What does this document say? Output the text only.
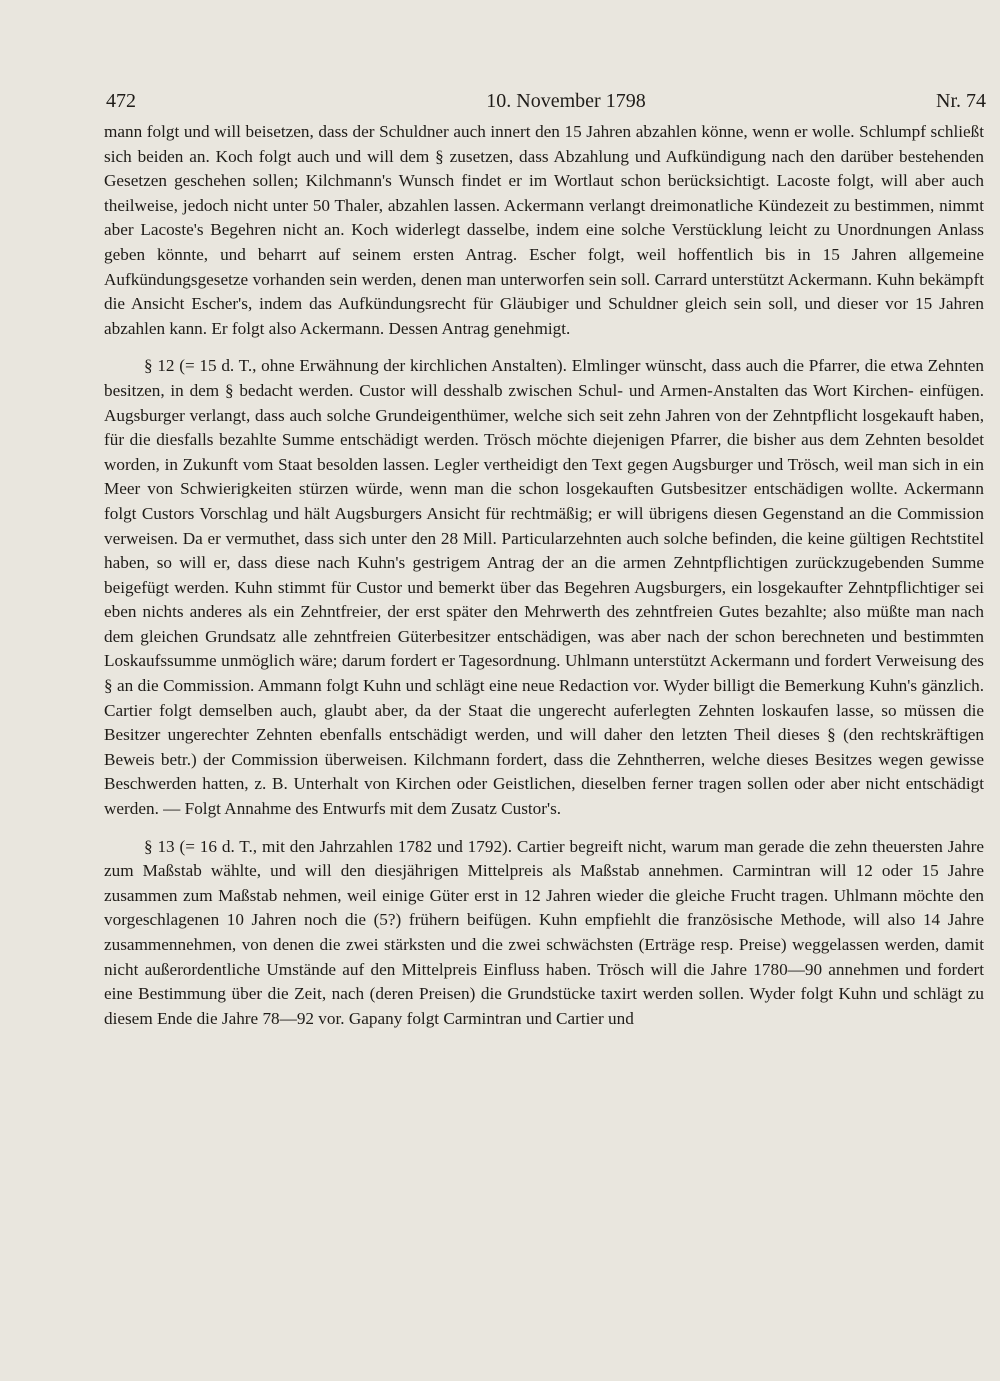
472	10. November 1798	Nr. 74

mann folgt und will beisetzen, dass der Schuldner auch innert den 15 Jahren abzahlen könne, wenn er wolle. Schlumpf schließt sich beiden an. Koch folgt auch und will dem § zusetzen, dass Abzahlung und Aufkündigung nach den darüber bestehenden Gesetzen geschehen sollen; Kilchmann's Wunsch findet er im Wortlaut schon berücksichtigt. Lacoste folgt, will aber auch theilweise, jedoch nicht unter 50 Thaler, abzahlen lassen. Ackermann verlangt dreimonatliche Kündezeit zu bestimmen, nimmt aber Lacoste's Begehren nicht an. Koch widerlegt dasselbe, indem eine solche Verstücklung leicht zu Unordnungen Anlass geben könnte, und beharrt auf seinem ersten Antrag. Escher folgt, weil hoffentlich bis in 15 Jahren allgemeine Aufkündungsgesetze vorhanden sein werden, denen man unterworfen sein soll. Carrard unterstützt Ackermann. Kuhn bekämpft die Ansicht Escher's, indem das Aufkündungsrecht für Gläubiger und Schuldner gleich sein soll, und dieser vor 15 Jahren abzahlen kann. Er folgt also Ackermann. Dessen Antrag genehmigt.

§ 12 (= 15 d. T., ohne Erwähnung der kirchlichen Anstalten). Elmlinger wünscht, dass auch die Pfarrer, die etwa Zehnten besitzen, in dem § bedacht werden. Custor will desshalb zwischen Schul- und Armen-Anstalten das Wort Kirchen- einfügen. Augsburger verlangt, dass auch solche Grundeigenthümer, welche sich seit zehn Jahren von der Zehntpflicht losgekauft haben, für die diesfalls bezahlte Summe entschädigt werden. Trösch möchte diejenigen Pfarrer, die bisher aus dem Zehnten besoldet worden, in Zukunft vom Staat besolden lassen. Legler vertheidigt den Text gegen Augsburger und Trösch, weil man sich in ein Meer von Schwierigkeiten stürzen würde, wenn man die schon losgekauften Gutsbesitzer entschädigen wollte. Ackermann folgt Custors Vorschlag und hält Augsburgers Ansicht für rechtmäßig; er will übrigens diesen Gegenstand an die Commission verweisen. Da er vermuthet, dass sich unter den 28 Mill. Particularzehnten auch solche befinden, die keine gültigen Rechtstitel haben, so will er, dass diese nach Kuhn's gestrigem Antrag der an die armen Zehntpflichtigen zurückzugebenden Summe beigefügt werden. Kuhn stimmt für Custor und bemerkt über das Begehren Augsburgers, ein losgekaufter Zehntpflichtiger sei eben nichts anderes als ein Zehntfreier, der erst später den Mehrwerth des zehntfreien Gutes bezahlte; also müßte man nach dem gleichen Grundsatz alle zehntfreien Güterbesitzer entschädigen, was aber nach der schon berechneten und bestimmten Loskaufssumme unmöglich wäre; darum fordert er Tagesordnung. Uhlmann unterstützt Ackermann und fordert Verweisung des § an die Commission. Ammann folgt Kuhn und schlägt eine neue Redaction vor. Wyder billigt die Bemerkung Kuhn's gänzlich. Cartier folgt demselben auch, glaubt aber, da der Staat die ungerecht auferlegten Zehnten loskaufen lasse, so müssen die Besitzer ungerechter Zehnten ebenfalls entschädigt werden, und will daher den letzten Theil dieses § (den rechtskräftigen Beweis betr.) der Commission überweisen. Kilchmann fordert, dass die Zehntherren, welche dieses Besitzes wegen gewisse Beschwerden hatten, z. B. Unterhalt von Kirchen oder Geistlichen, dieselben ferner tragen sollen oder aber nicht entschädigt werden. — Folgt Annahme des Entwurfs mit dem Zusatz Custor's.

§ 13 (= 16 d. T., mit den Jahrzahlen 1782 und 1792). Cartier begreift nicht, warum man gerade die zehn theuersten Jahre zum Maßstab wählte, und will den diesjährigen Mittelpreis als Maßstab annehmen. Carmintran will 12 oder 15 Jahre zusammen zum Maßstab nehmen, weil einige Güter erst in 12 Jahren wieder die gleiche Frucht tragen. Uhlmann möchte den vorgeschlagenen 10 Jahren noch die (5?) frühern beifügen. Kuhn empfiehlt die französische Methode, will also 14 Jahre zusammennehmen, von denen die zwei stärksten und die zwei schwächsten (Erträge resp. Preise) weggelassen werden, damit nicht außerordentliche Umstände auf den Mittelpreis Einfluss haben. Trösch will die Jahre 1780—90 annehmen und fordert eine Bestimmung über die Zeit, nach (deren Preisen) die Grundstücke taxirt werden sollen. Wyder folgt Kuhn und schlägt zu diesem Ende die Jahre 78—92 vor. Gapany folgt Carmintran und Cartier und
